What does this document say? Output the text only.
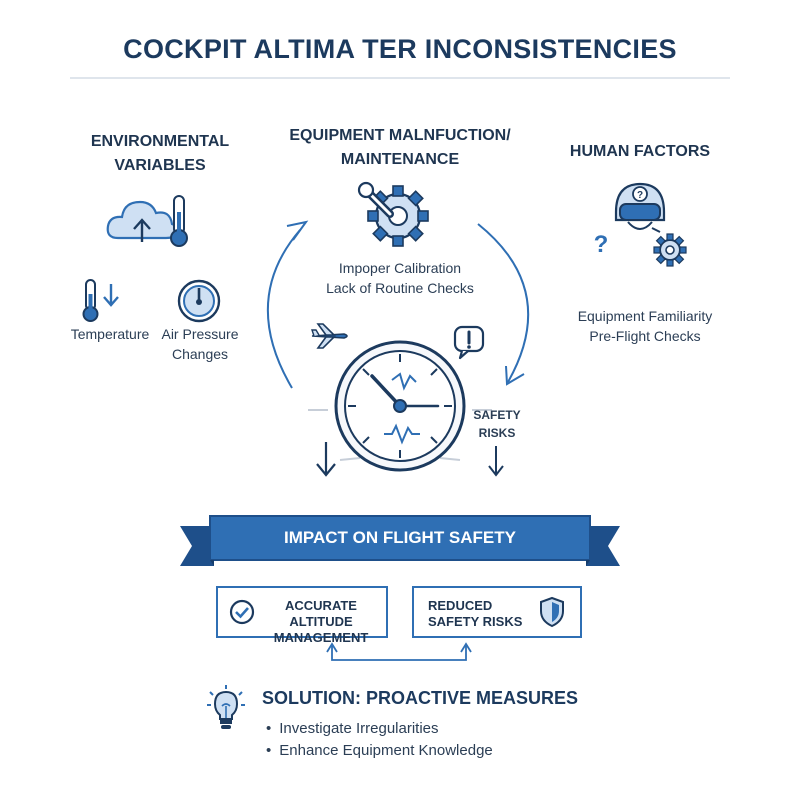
COCKPIT ALTIMA TER INCONSISTENCIES
ENVIRONMENTAL
VARIABLES
Temperature Air Pressure
Changes
EQUIPMENT MALNFUCTION/
MAINTENANCE
Impoper Calibration
Lack of Routine Checks
HUMAN FACTORS
?
?
Equipment Familiarity
Pre-Flight Checks
SAFETY
RISKS
IMPACT ON FLIGHT SAFETY
ACCURATE ALTITUDE
MANAGEMENT
REDUCED
SAFETY RISKS
SOLUTION: PROACTIVE MEASURES
• Investigate Irregularities
• Enhance Equipment Knowledge
